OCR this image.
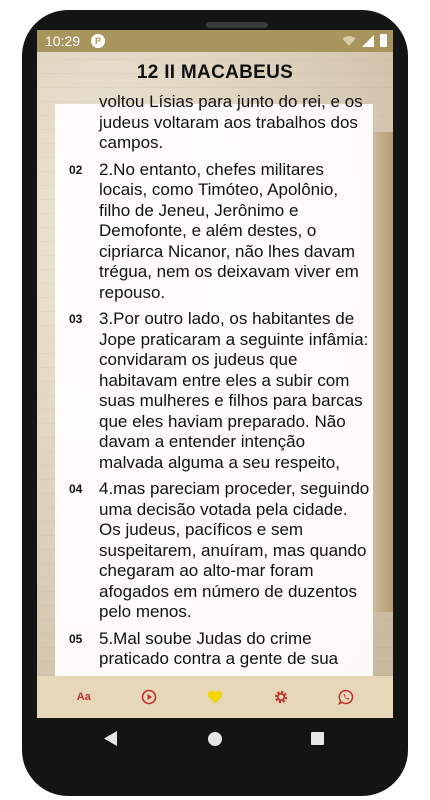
10:29	P
12 II MACABEUS
voltou Lísias para junto do rei, e os judeus voltaram aos trabalhos dos campos.
02 2.No entanto, chefes militares locais, como Timóteo, Apolônio, filho de Jeneu, Jerônimo e Demofonte, e além destes, o cipriarca Nicanor, não lhes davam trégua, nem os deixavam viver em repouso.
03 3.Por outro lado, os habitantes de Jope praticaram a seguinte infâmia: convidaram os judeus que habitavam entre eles a subir com suas mulheres e filhos para barcas que eles haviam preparado. Não davam a entender intenção malvada alguma a seu respeito,
04 4.mas pareciam proceder, seguindo uma decisão votada pela cidade. Os judeus, pacíficos e sem suspeitarem, anuíram, mas quando chegaram ao alto-mar foram afogados em número de duzentos pelo menos.
05 5.Mal soube Judas do crime praticado contra a gente de sua
Aa
